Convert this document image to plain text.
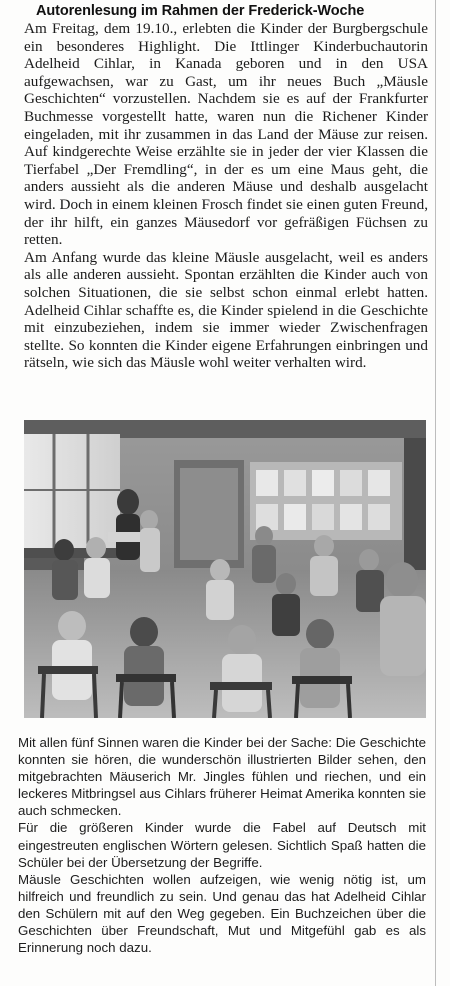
Autorenlesung im Rahmen der Frederick-Woche

Am Freitag, dem 19.10., erlebten die Kinder der Burgbergschule ein besonderes Highlight. Die Ittlinger Kinderbuchautorin Adelheid Cihlar, in Kanada geboren und in den USA aufgewachsen, war zu Gast, um ihr neues Buch „Mäusle Geschichten“ vorzustellen. Nachdem sie es auf der Frankfurter Buchmesse vorgestellt hatte, waren nun die Richener Kinder eingeladen, mit ihr zusammen in das Land der Mäuse zur reisen. Auf kindgerechte Weise erzählte sie in jeder der vier Klassen die Tierfabel „Der Fremdling“, in der es um eine Maus geht, die anders aussieht als die anderen Mäuse und deshalb ausgelacht wird. Doch in einem kleinen Frosch findet sie einen guten Freund, der ihr hilft, ein ganzes Mäusedorf vor gefräßigen Füchsen zu retten.

Am Anfang wurde das kleine Mäusle ausgelacht, weil es anders als alle anderen aussieht. Spontan erzählten die Kinder auch von solchen Situationen, die sie selbst schon einmal erlebt hatten. Adelheid Cihlar schaffte es, die Kinder spielend in die Geschichte mit einzubeziehen, indem sie immer wieder Zwischenfragen stellte. So konnten die Kinder eigene Erfahrungen einbringen und rätseln, wie sich das Mäusle wohl weiter verhalten wird.

Mit allen fünf Sinnen waren die Kinder bei der Sache: Die Geschichte konnten sie hören, die wunderschön illustrierten Bilder sehen, den mitgebrachten Mäuserich Mr. Jingles fühlen und riechen, und ein leckeres Mitbringsel aus Cihlars früherer Heimat Amerika konnten sie auch schmecken.

Für die größeren Kinder wurde die Fabel auf Deutsch mit eingestreuten englischen Wörtern gelesen. Sichtlich Spaß hatten die Schüler bei der Übersetzung der Begriffe.

Mäusle Geschichten wollen aufzeigen, wie wenig nötig ist, um hilfreich und freundlich zu sein. Und genau das hat Adelheid Cihlar den Schülern mit auf den Weg gegeben. Ein Buchzeichen über die Geschichten über Freundschaft, Mut und Mitgefühl gab es als Erinnerung noch dazu.
